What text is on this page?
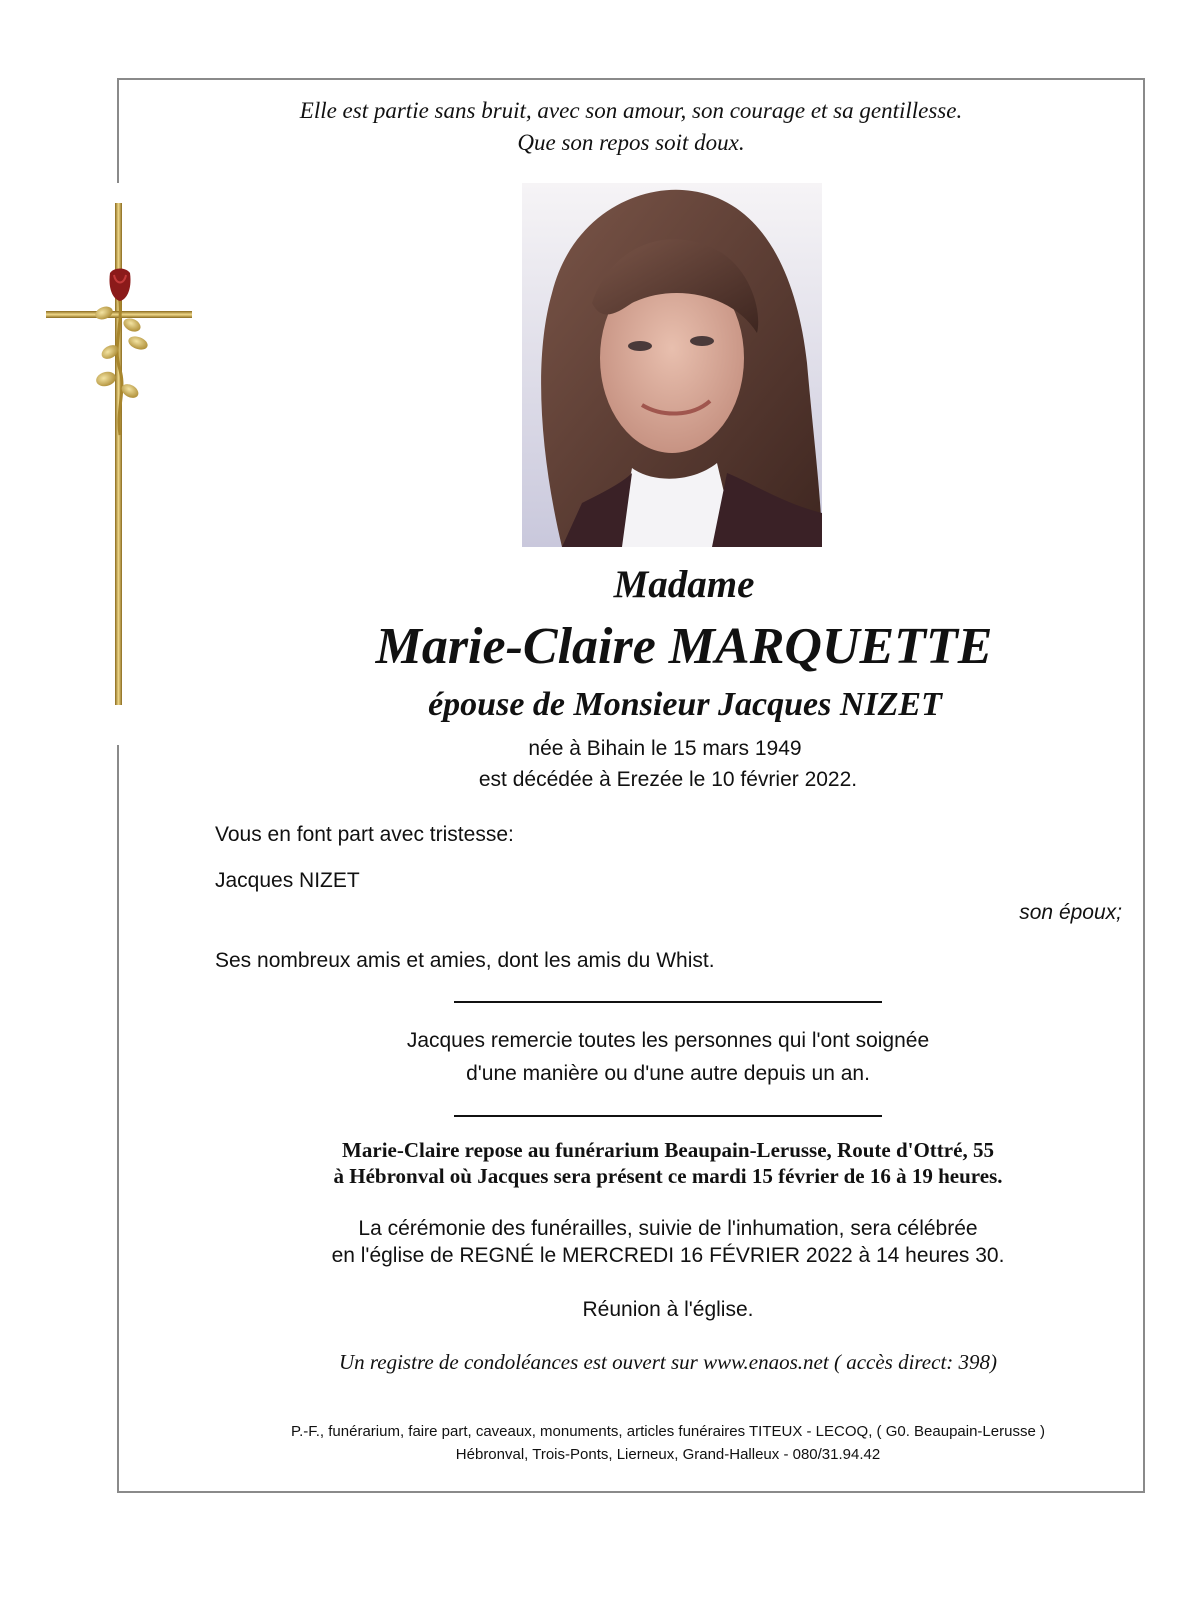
Elle est partie sans bruit, avec son amour, son courage et sa gentillesse.
Que son repos soit doux.
Madame
Marie-Claire MARQUETTE
épouse de Monsieur Jacques NIZET
née à Bihain le 15 mars 1949
est décédée à Erezée le 10 février 2022.
Vous en font part avec tristesse:
Jacques NIZET
son époux;
Ses nombreux amis et amies, dont les amis du Whist.
Jacques remercie toutes les personnes qui l'ont soignée
d'une manière ou d'une autre depuis un an.
Marie-Claire repose au funérarium Beaupain-Lerusse, Route d'Ottré, 55
à Hébronval où Jacques sera présent ce mardi 15 février de 16 à 19 heures.
La cérémonie des funérailles, suivie de l'inhumation, sera célébrée
en l'église de REGNÉ le MERCREDI 16 FÉVRIER 2022 à 14 heures 30.
Réunion à l'église.
Un registre de condoléances est ouvert sur www.enaos.net ( accès direct: 398)
P.-F., funérarium, faire part, caveaux, monuments, articles funéraires TITEUX - LECOQ, ( G0. Beaupain-Lerusse )
Hébronval, Trois-Ponts, Lierneux, Grand-Halleux - 080/31.94.42
